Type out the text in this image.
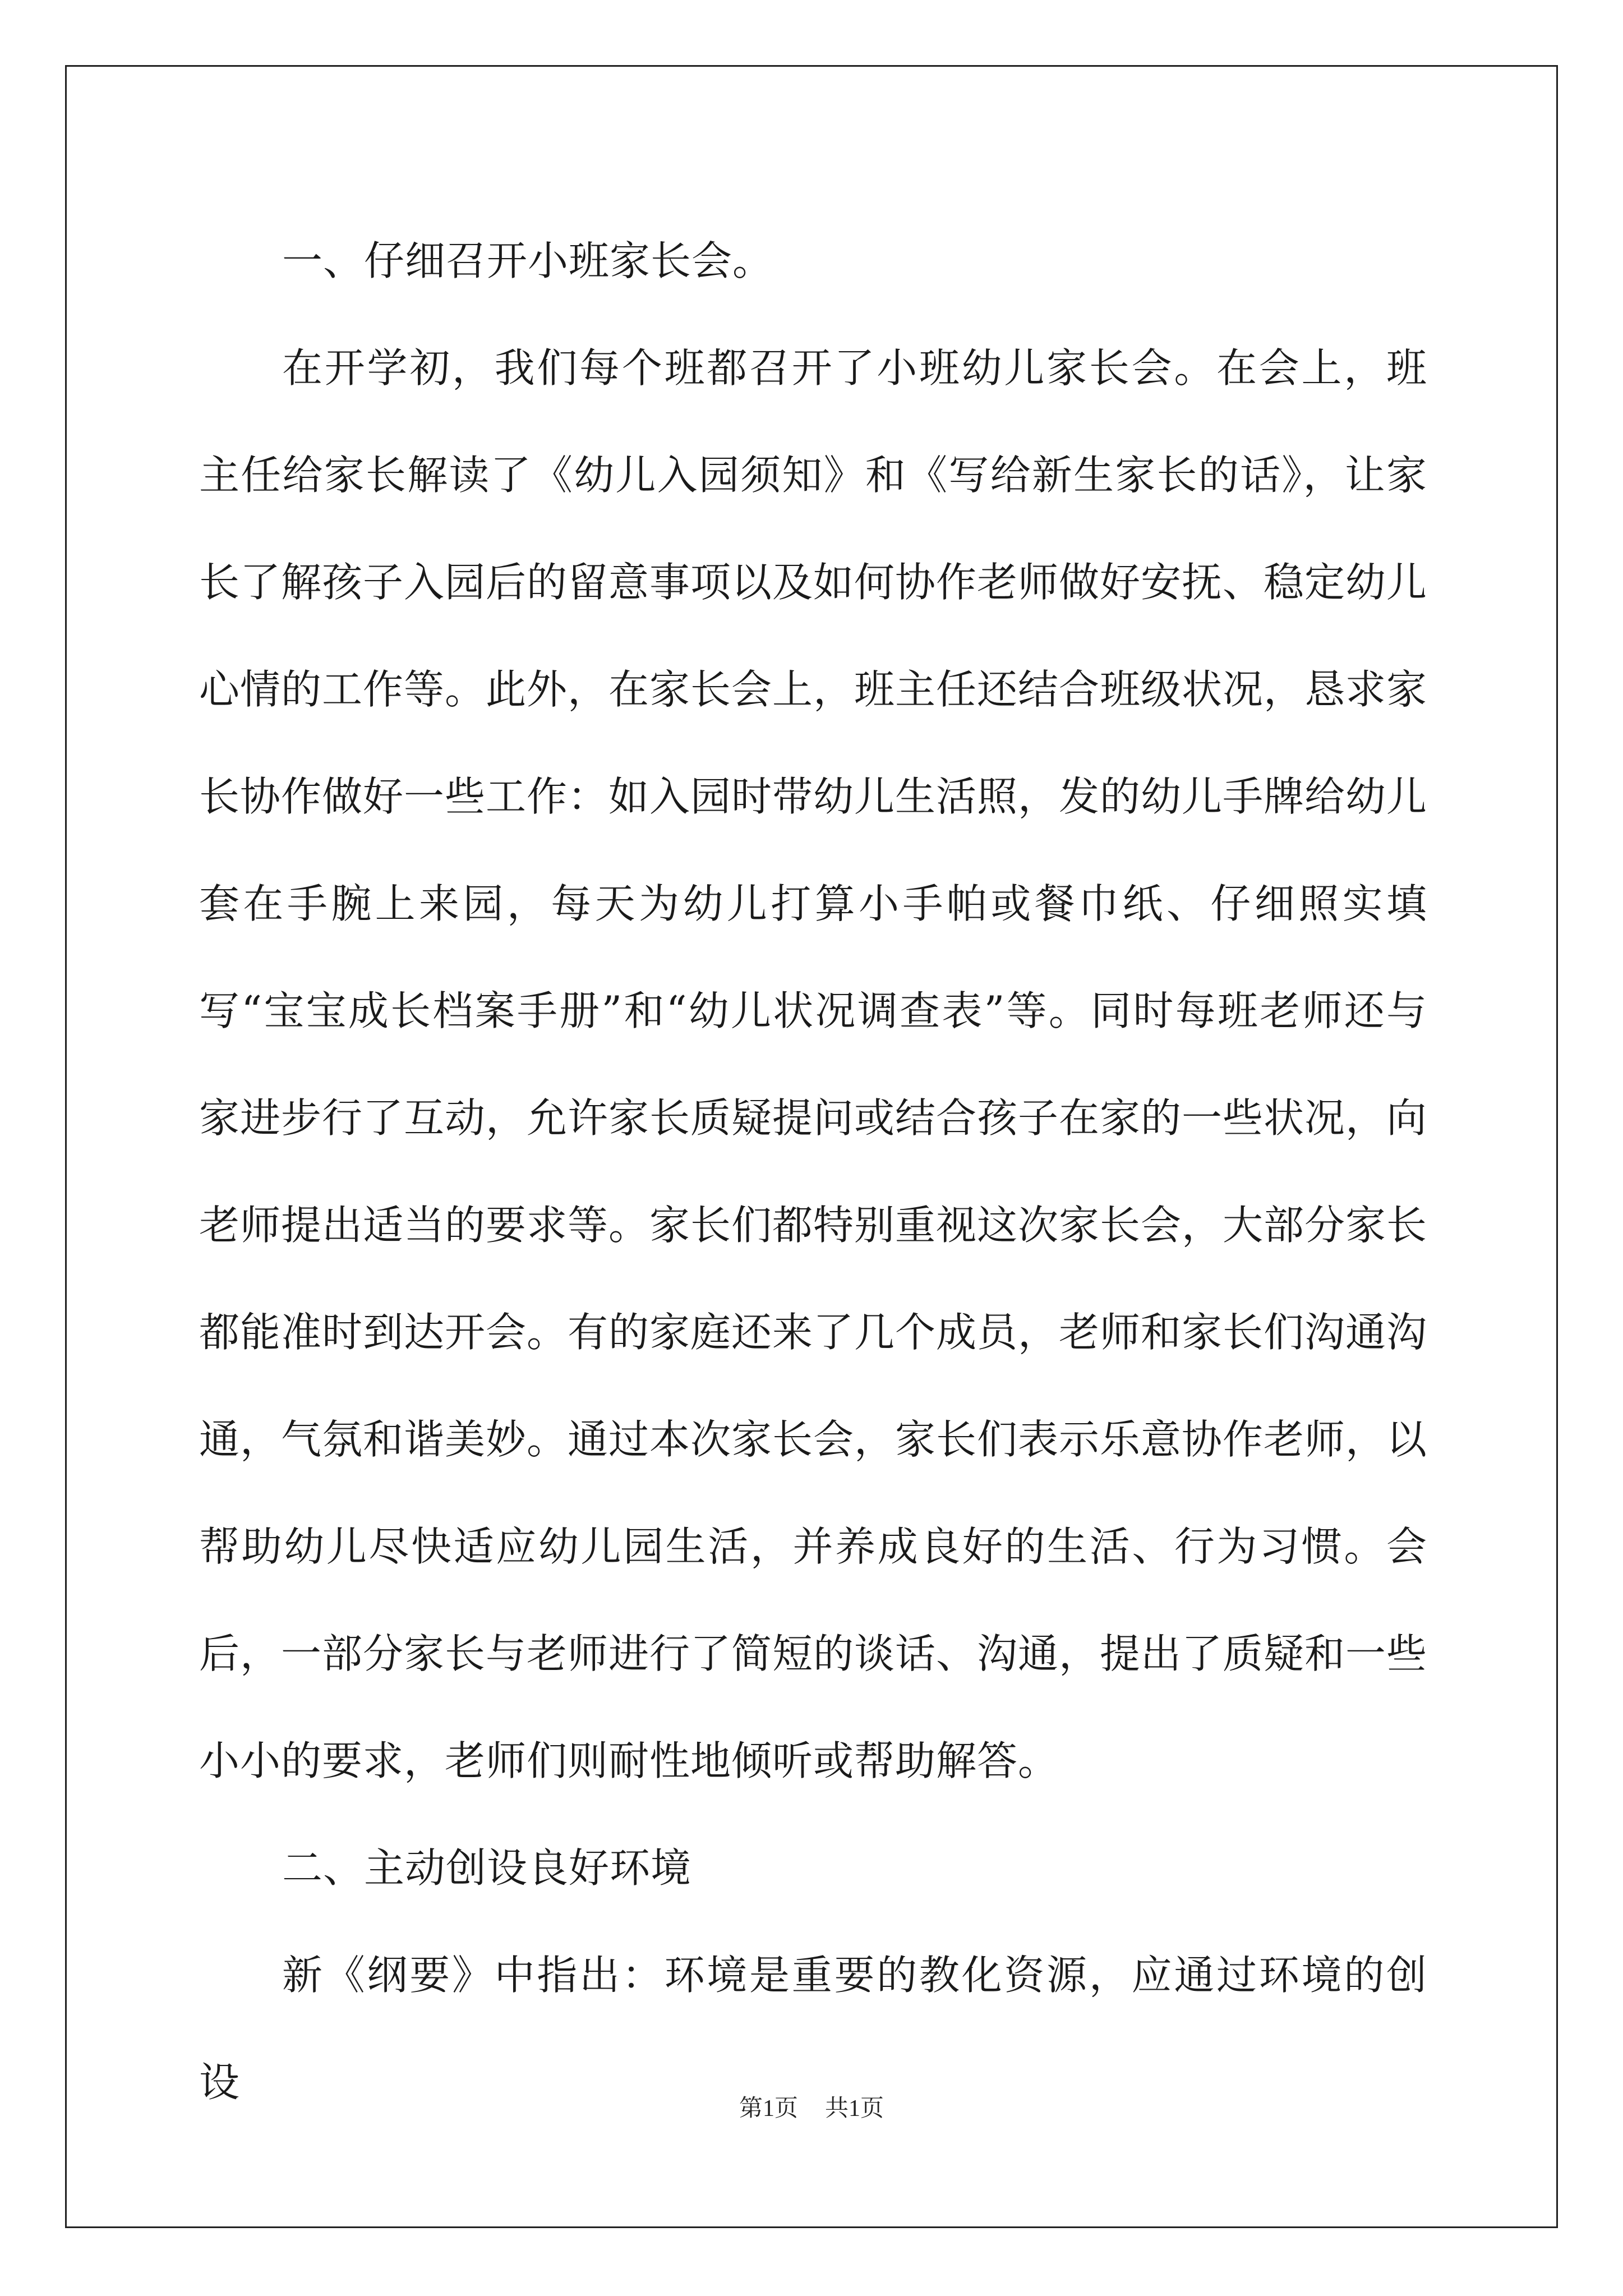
一、仔细召开小班家长会。

在开学初，我们每个班都召开了小班幼儿家长会。在会上，班主任给家长解读了《幼儿入园须知》和《写给新生家长的话》，让家长了解孩子入园后的留意事项以及如何协作老师做好安抚、稳定幼儿心情的工作等。此外，在家长会上，班主任还结合班级状况，恳求家长协作做好一些工作：如入园时带幼儿生活照，发的幼儿手牌给幼儿套在手腕上来园，每天为幼儿打算小手帕或餐巾纸、仔细照实填写“宝宝成长档案手册”和“幼儿状况调查表”等。同时每班老师还与家进步行了互动，允许家长质疑提问或结合孩子在家的一些状况，向老师提出适当的要求等。家长们都特别重视这次家长会，大部分家长都能准时到达开会。有的家庭还来了几个成员，老师和家长们沟通沟通，气氛和谐美妙。通过本次家长会，家长们表示乐意协作老师，以帮助幼儿尽快适应幼儿园生活，并养成良好的生活、行为习惯。会后，一部分家长与老师进行了简短的谈话、沟通，提出了质疑和一些小小的要求，老师们则耐性地倾听或帮助解答。

二、主动创设良好环境

新《纲要》中指出：环境是重要的教化资源，应通过环境的创设

第1页 共1页
